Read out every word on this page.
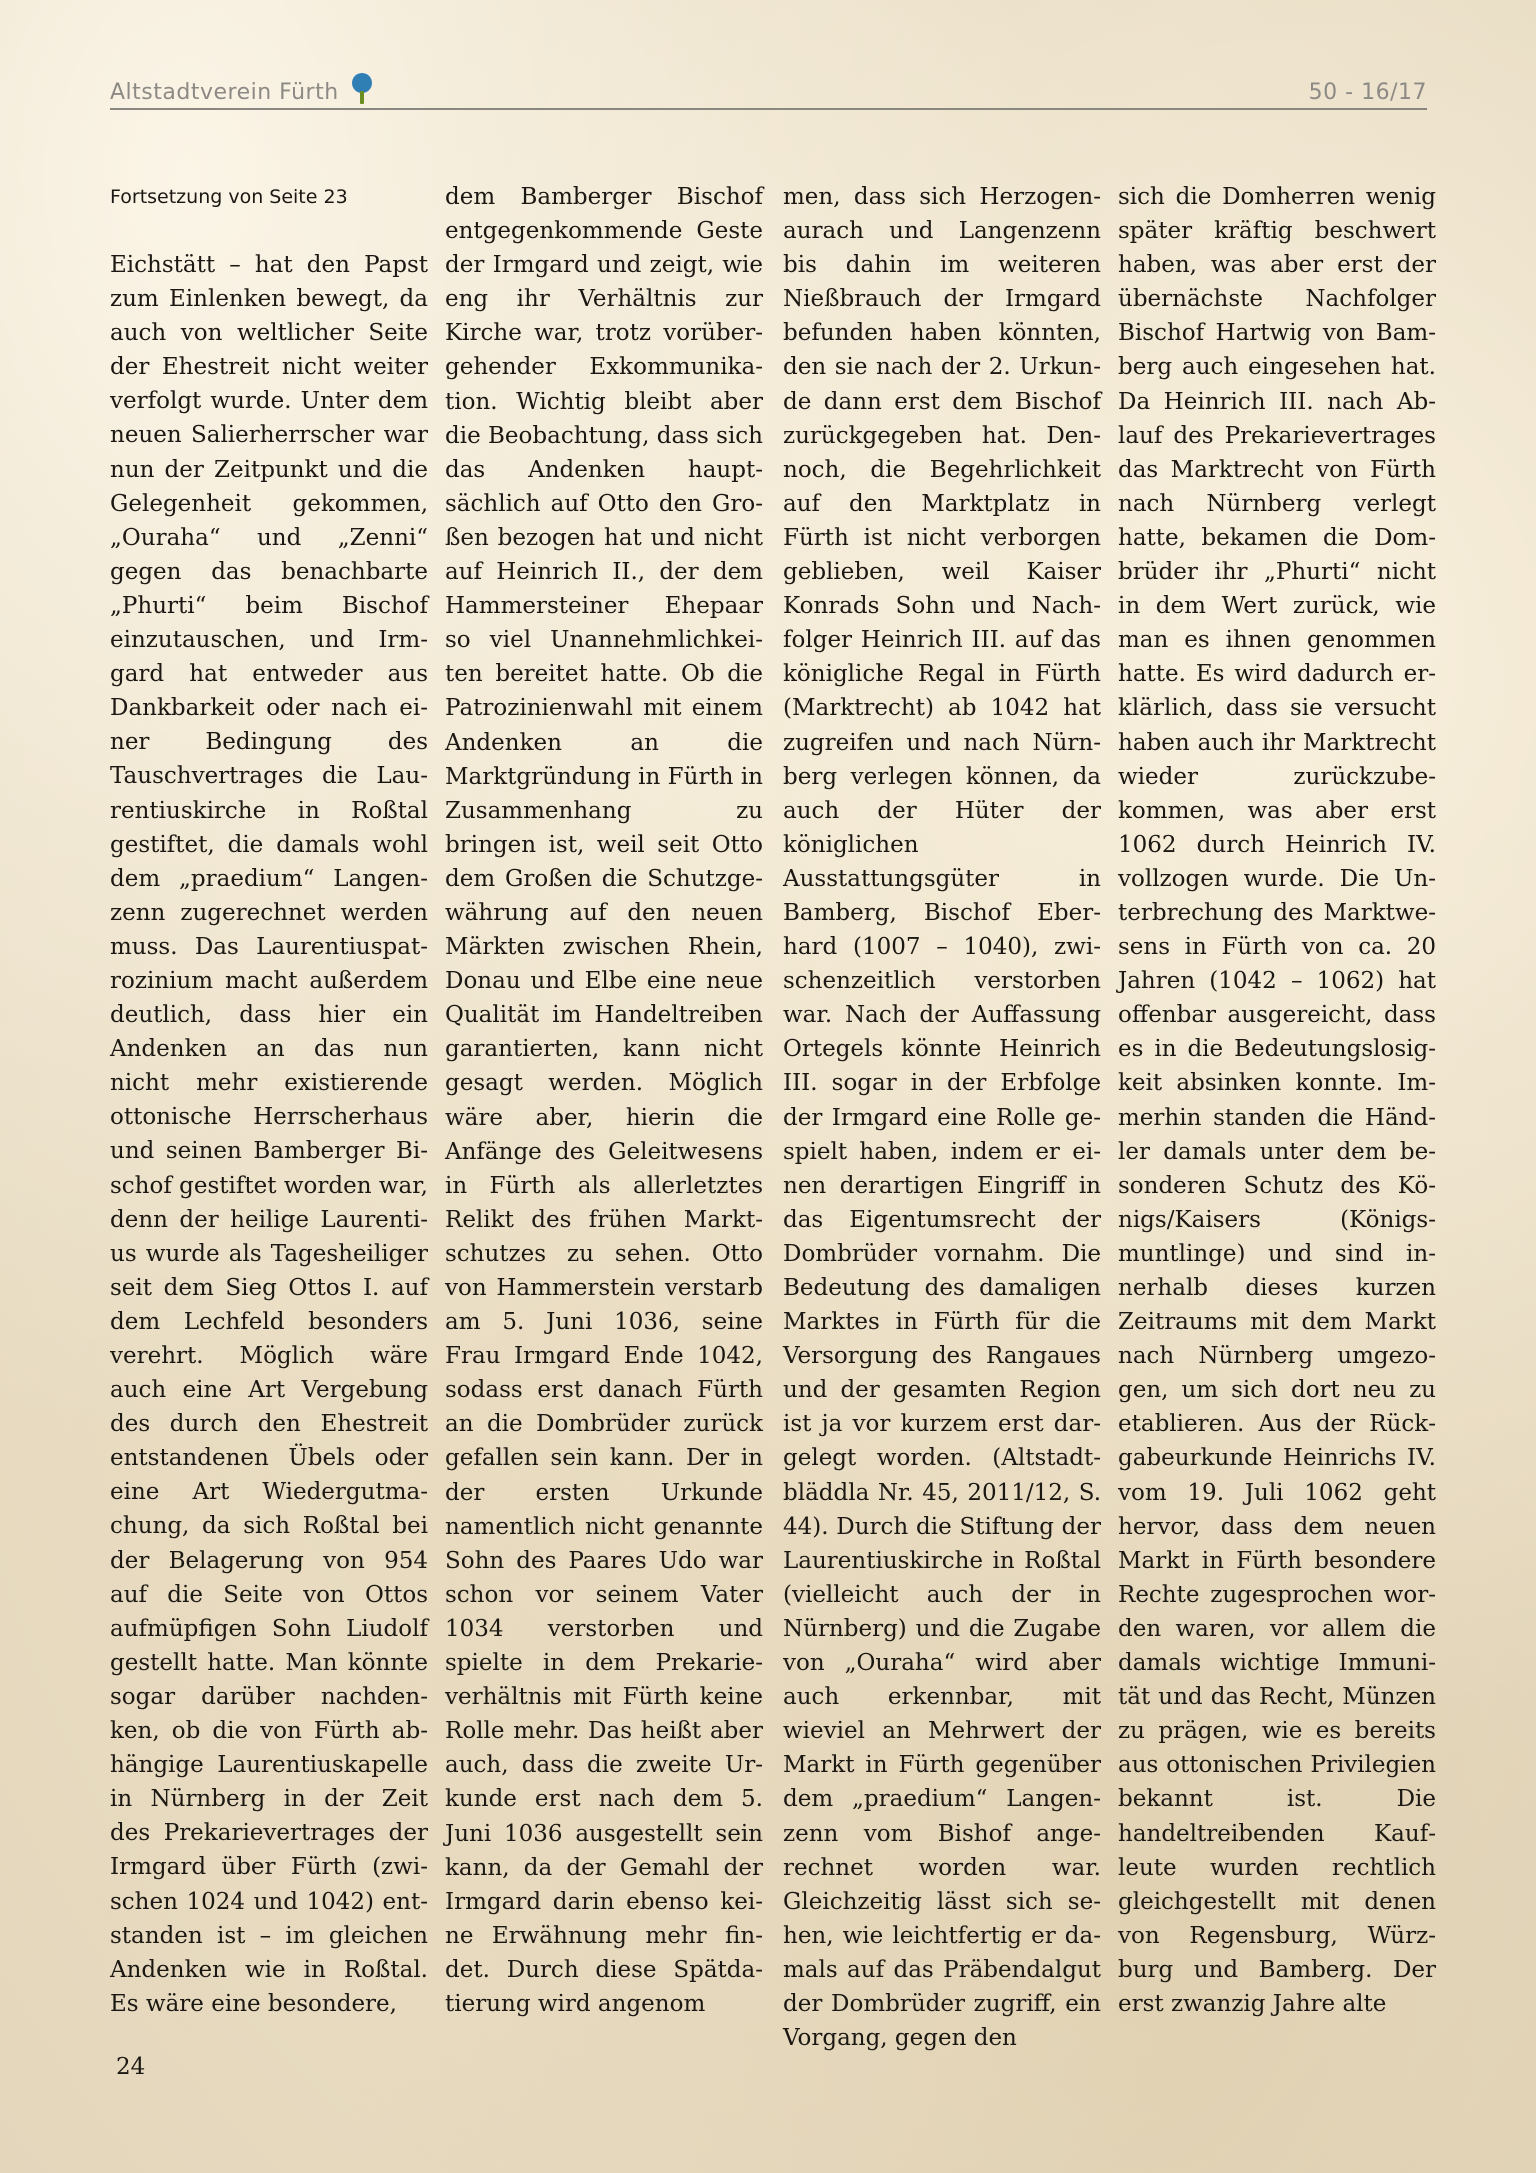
Altstadtverein Fürth	50 - 16/17

Fortsetzung von Seite 23

Eichstätt – hat den Papst zum Einlenken bewegt, da auch von weltlicher Seite der Ehestreit nicht weiter verfolgt wurde. Unter dem neuen Salierherrscher war nun der Zeitpunkt und die Gelegenheit gekommen, „Ouraha“ und „Zenni“ gegen das benachbarte „Phurti“ beim Bischof einzutauschen, und Irmgard hat entweder aus Dankbarkeit oder nach einer Bedingung des Tauschvertrages die Laurentiuskirche in Roßtal gestiftet, die damals wohl dem „praedium“ Langenzenn zugerechnet werden muss. Das Laurentiuspatrozinium macht außerdem deutlich, dass hier ein Andenken an das nun nicht mehr existierende ottonische Herrscherhaus und seinen Bamberger Bischof gestiftet worden war, denn der heilige Laurentius wurde als Tagesheiliger seit dem Sieg Ottos I. auf dem Lechfeld besonders verehrt. Möglich wäre auch eine Art Vergebung des durch den Ehestreit entstandenen Übels oder eine Art Wiedergutmachung, da sich Roßtal bei der Belagerung von 954 auf die Seite von Ottos aufmüpfigen Sohn Liudolf gestellt hatte. Man könnte sogar darüber nachdenken, ob die von Fürth abhängige Laurentiuskapelle in Nürnberg in der Zeit des Prekarievertrages der Irmgard über Fürth (zwischen 1024 und 1042) entstanden ist – im gleichen Andenken wie in Roßtal. Es wäre eine besondere,

dem Bamberger Bischof entgegenkommende Geste der Irmgard und zeigt, wie eng ihr Verhältnis zur Kirche war, trotz vorübergehender Exkommunikation. Wichtig bleibt aber die Beobachtung, dass sich das Andenken hauptsächlich auf Otto den Großen bezogen hat und nicht auf Heinrich II., der dem Hammersteiner Ehepaar so viel Unannehmlichkeiten bereitet hatte. Ob die Patrozinienwahl mit einem Andenken an die Marktgründung in Fürth in Zusammenhang zu bringen ist, weil seit Otto dem Großen die Schutzgewährung auf den neuen Märkten zwischen Rhein, Donau und Elbe eine neue Qualität im Handeltreiben garantierten, kann nicht gesagt werden. Möglich wäre aber, hierin die Anfänge des Geleitwesens in Fürth als allerletztes Relikt des frühen Marktschutzes zu sehen. Otto von Hammerstein verstarb am 5. Juni 1036, seine Frau Irmgard Ende 1042, sodass erst danach Fürth an die Dombrüder zurück gefallen sein kann. Der in der ersten Urkunde namentlich nicht genannte Sohn des Paares Udo war schon vor seinem Vater 1034 verstorben und spielte in dem Prekarieverhältnis mit Fürth keine Rolle mehr. Das heißt aber auch, dass die zweite Urkunde erst nach dem 5. Juni 1036 ausgestellt sein kann, da der Gemahl der Irmgard darin ebenso keine Erwähnung mehr findet. Durch diese Spätdatierung wird angenom

men, dass sich Herzogenaurach und Langenzenn bis dahin im weiteren Nießbrauch der Irmgard befunden haben könnten, den sie nach der 2. Urkunde dann erst dem Bischof zurückgegeben hat. Dennoch, die Begehrlichkeit auf den Marktplatz in Fürth ist nicht verborgen geblieben, weil Kaiser Konrads Sohn und Nachfolger Heinrich III. auf das königliche Regal in Fürth (Marktrecht) ab 1042 hat zugreifen und nach Nürnberg verlegen können, da auch der Hüter der königlichen Ausstattungsgüter in Bamberg, Bischof Eberhard (1007 – 1040), zwischenzeitlich verstorben war. Nach der Auffassung Ortegels könnte Heinrich III. sogar in der Erbfolge der Irmgard eine Rolle gespielt haben, indem er einen derartigen Eingriff in das Eigentumsrecht der Dombrüder vornahm. Die Bedeutung des damaligen Marktes in Fürth für die Versorgung des Rangaues und der gesamten Region ist ja vor kurzem erst dargelegt worden. (Altstadtbläddla Nr. 45, 2011/12, S. 44). Durch die Stiftung der Laurentiuskirche in Roßtal (vielleicht auch der in Nürnberg) und die Zugabe von „Ouraha“ wird aber auch erkennbar, mit wieviel an Mehrwert der Markt in Fürth gegenüber dem „praedium“ Langenzenn vom Bishof angerechnet worden war. Gleichzeitig lässt sich sehen, wie leichtfertig er damals auf das Präbendalgut der Dombrüder zugriff, ein Vorgang, gegen den

sich die Domherren wenig später kräftig beschwert haben, was aber erst der übernächste Nachfolger Bischof Hartwig von Bamberg auch eingesehen hat. Da Heinrich III. nach Ablauf des Prekarievertrages das Marktrecht von Fürth nach Nürnberg verlegt hatte, bekamen die Dombrüder ihr „Phurti“ nicht in dem Wert zurück, wie man es ihnen genommen hatte. Es wird dadurch erklärlich, dass sie versucht haben auch ihr Marktrecht wieder zurückzubekommen, was aber erst 1062 durch Heinrich IV. vollzogen wurde. Die Unterbrechung des Marktwesens in Fürth von ca. 20 Jahren (1042 – 1062) hat offenbar ausgereicht, dass es in die Bedeutungslosigkeit absinken konnte. Immerhin standen die Händler damals unter dem besonderen Schutz des Königs/Kaisers (Königsmuntlinge) und sind innerhalb dieses kurzen Zeitraums mit dem Markt nach Nürnberg umgezogen, um sich dort neu zu etablieren. Aus der Rückgabeurkunde Heinrichs IV. vom 19. Juli 1062 geht hervor, dass dem neuen Markt in Fürth besondere Rechte zugesprochen worden waren, vor allem die damals wichtige Immunität und das Recht, Münzen zu prägen, wie es bereits aus ottonischen Privilegien bekannt ist. Die handeltreibenden Kaufleute wurden rechtlich gleichgestellt mit denen von Regensburg, Würzburg und Bamberg. Der erst zwanzig Jahre alte

24
